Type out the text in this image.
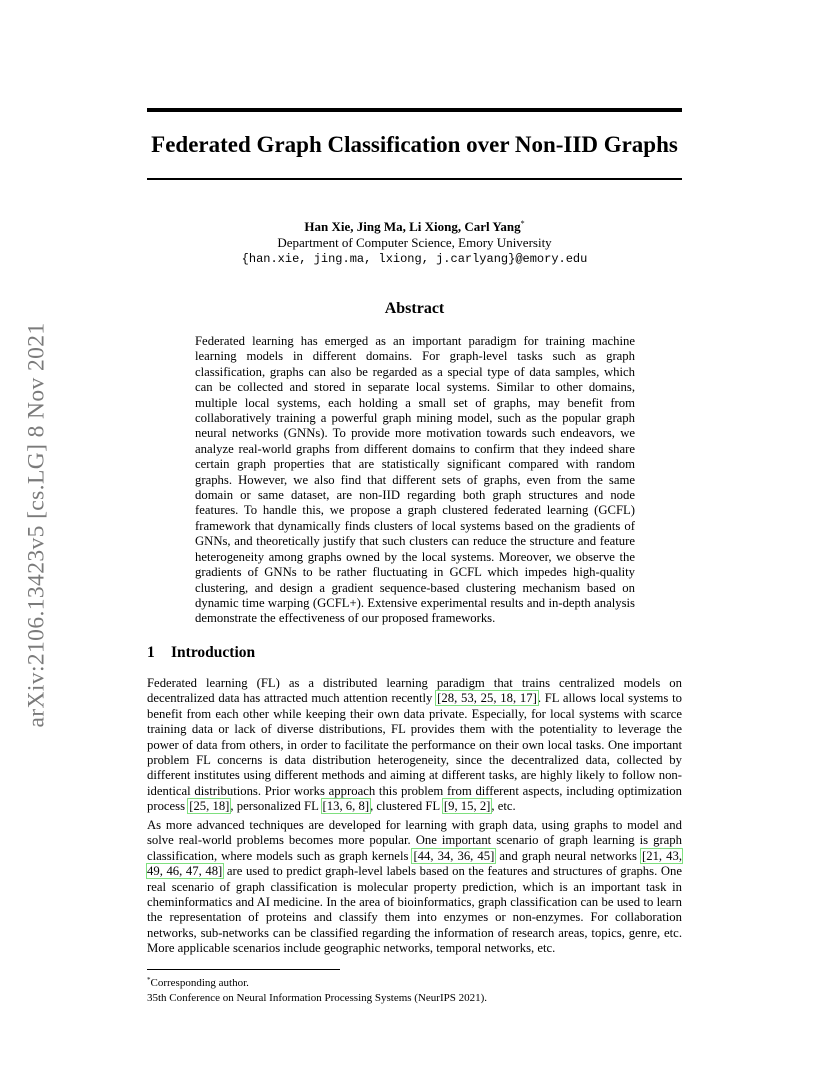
arXiv:2106.13423v5 [cs.LG] 8 Nov 2021
Federated Graph Classification over Non-IID Graphs
Han Xie, Jing Ma, Li Xiong, Carl Yang*
Department of Computer Science, Emory University
{han.xie, jing.ma, lxiong, j.carlyang}@emory.edu
Abstract
Federated learning has emerged as an important paradigm for training machine learning models in different domains. For graph-level tasks such as graph classification, graphs can also be regarded as a special type of data samples, which can be collected and stored in separate local systems. Similar to other domains, multiple local systems, each holding a small set of graphs, may benefit from collaboratively training a powerful graph mining model, such as the popular graph neural networks (GNNs). To provide more motivation towards such endeavors, we analyze real-world graphs from different domains to confirm that they indeed share certain graph properties that are statistically significant compared with random graphs. However, we also find that different sets of graphs, even from the same domain or same dataset, are non-IID regarding both graph structures and node features. To handle this, we propose a graph clustered federated learning (GCFL) framework that dynamically finds clusters of local systems based on the gradients of GNNs, and theoretically justify that such clusters can reduce the structure and feature heterogeneity among graphs owned by the local systems. Moreover, we observe the gradients of GNNs to be rather fluctuating in GCFL which impedes high-quality clustering, and design a gradient sequence-based clustering mechanism based on dynamic time warping (GCFL+). Extensive experimental results and in-depth analysis demonstrate the effectiveness of our proposed frameworks.
1 Introduction
Federated learning (FL) as a distributed learning paradigm that trains centralized models on decentralized data has attracted much attention recently [28, 53, 25, 18, 17]. FL allows local systems to benefit from each other while keeping their own data private. Especially, for local systems with scarce training data or lack of diverse distributions, FL provides them with the potentiality to leverage the power of data from others, in order to facilitate the performance on their own local tasks. One important problem FL concerns is data distribution heterogeneity, since the decentralized data, collected by different institutes using different methods and aiming at different tasks, are highly likely to follow non-identical distributions. Prior works approach this problem from different aspects, including optimization process [25, 18], personalized FL [13, 6, 8], clustered FL [9, 15, 2], etc.
As more advanced techniques are developed for learning with graph data, using graphs to model and solve real-world problems becomes more popular. One important scenario of graph learning is graph classification, where models such as graph kernels [44, 34, 36, 45] and graph neural networks [21, 43, 49, 46, 47, 48] are used to predict graph-level labels based on the features and structures of graphs. One real scenario of graph classification is molecular property prediction, which is an important task in cheminformatics and AI medicine. In the area of bioinformatics, graph classification can be used to learn the representation of proteins and classify them into enzymes or non-enzymes. For collaboration networks, sub-networks can be classified regarding the information of research areas, topics, genre, etc. More applicable scenarios include geographic networks, temporal networks, etc.
*Corresponding author.
35th Conference on Neural Information Processing Systems (NeurIPS 2021).
